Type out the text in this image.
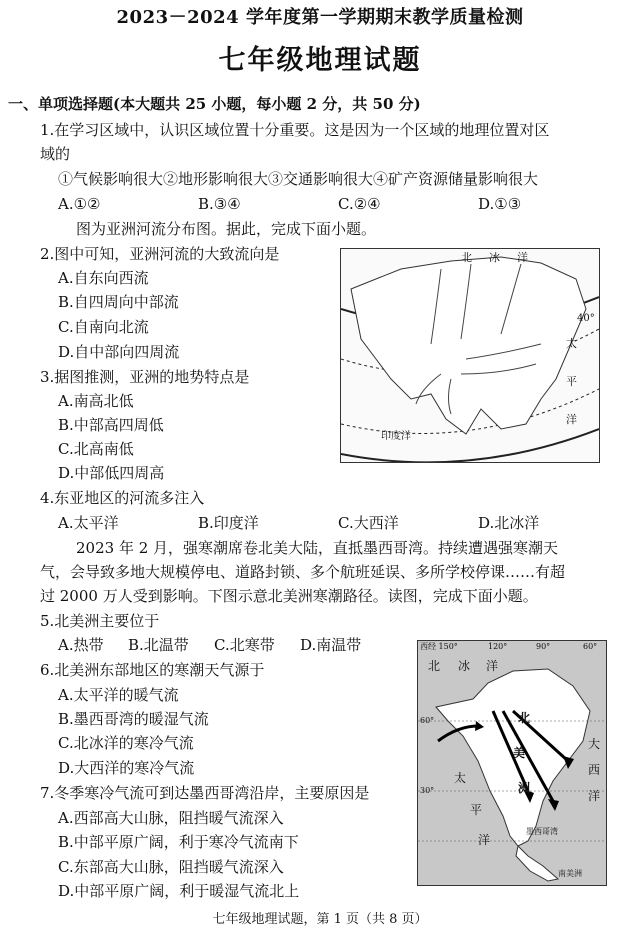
2023－2024 学年度第一学期期末教学质量检测
七年级地理试题
一、单项选择题(本大题共 25 小题，每小题 2 分，共 50 分)
1.在学习区域中，认识区域位置十分重要。这是因为一个区域的地理位置对区
域的
①气候影响很大②地形影响很大③交通影响很大④矿产资源储量影响很大
A.①②	B.③④	C.②④	D.①③
图为亚洲河流分布图。据此，完成下面小题。
2.图中可知，亚洲河流的大致流向是
A.自东向西流
B.自四周向中部流
C.自南向北流
D.自中部向四周流
3.据图推测，亚洲的地势特点是
A.南高北低
B.中部高四周低
C.北高南低
D.中部低四周高
4.东亚地区的河流多注入
A.太平洋	B.印度洋	C.大西洋	D.北冰洋
2023 年 2 月，强寒潮席卷北美大陆，直抵墨西哥湾。持续遭遇强寒潮天
气，会导致多地大规模停电、道路封锁、多个航班延误、多所学校停课……有超
过 2000 万人受到影响。下图示意北美洲寒潮路径。读图，完成下面小题。
5.北美洲主要位于
A.热带 B.北温带 C.北寒带 D.南温带
6.北美洲东部地区的寒潮天气源于
A.太平洋的暖气流
B.墨西哥湾的暖湿气流
C.北冰洋的寒冷气流
D.大西洋的寒冷气流
7.冬季寒冷气流可到达墨西哥湾沿岸，主要原因是
A.西部高大山脉，阻挡暖气流深入
B.中部平原广阔，利于寒冷气流南下
C.东部高大山脉，阻挡暖气流深入
D.中部平原广阔，利于暖湿气流北上
北 冰 洋
40°
太
平
洋
印度洋
西经 150°	120°	90°	60°
北 冰 洋
60°
30°
北
美
洲
太
平
洋
大
西
洋
墨西哥湾
南美洲
七年级地理试题，第 1 页（共 8 页）
